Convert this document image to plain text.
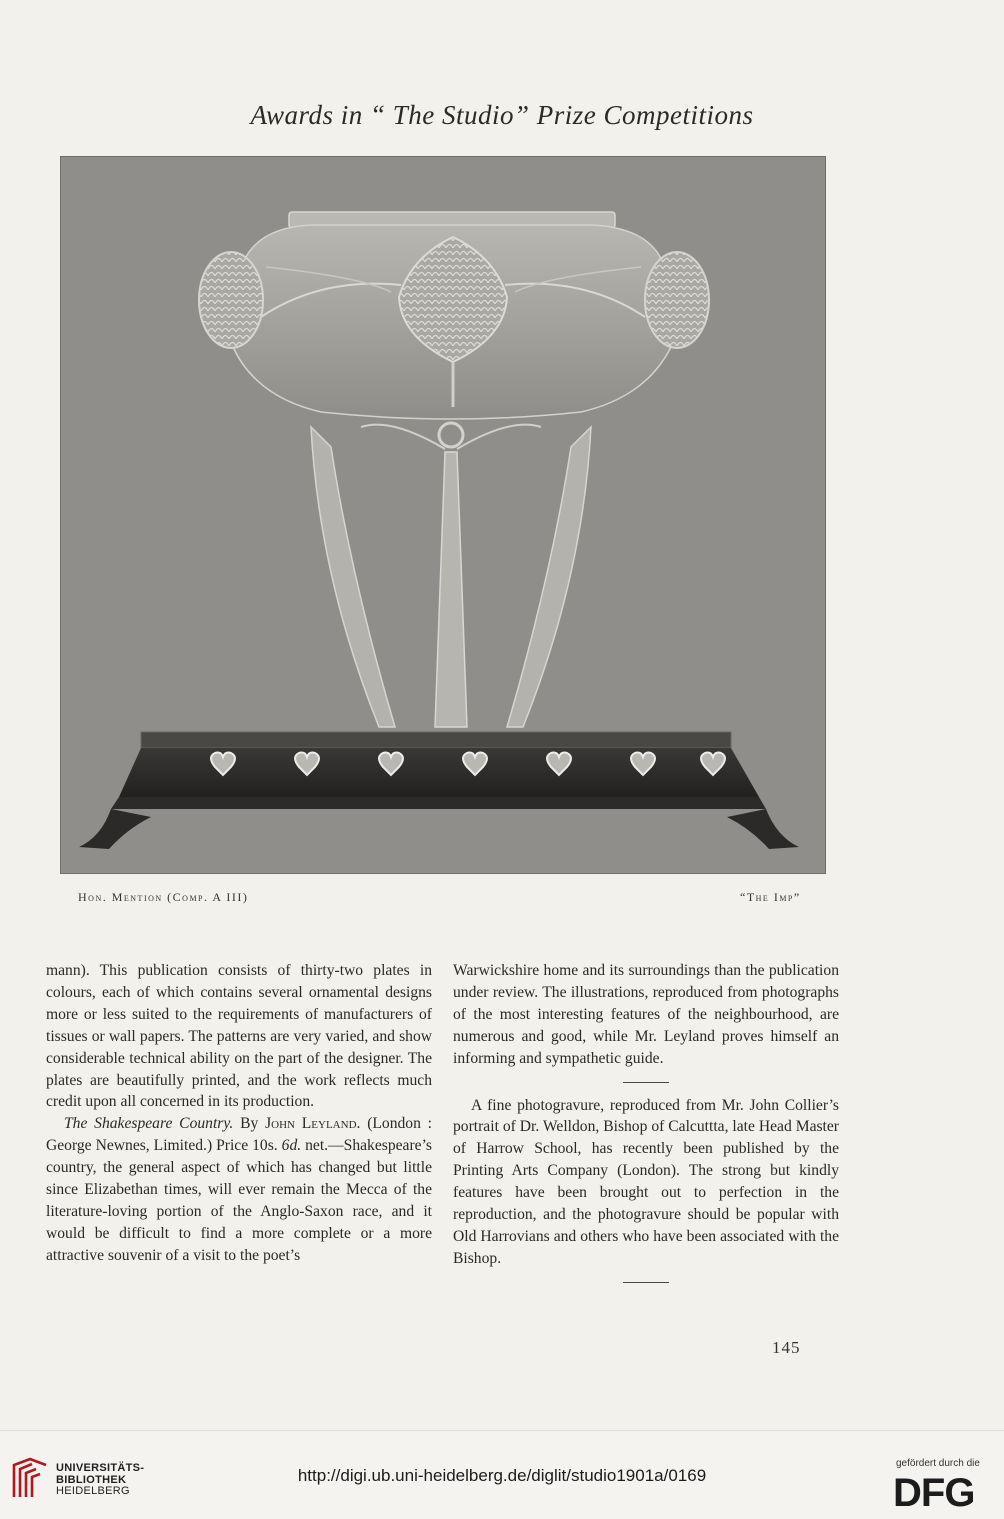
Awards in “ The Studio” Prize Competitions
Hon. Mention (Comp. A III)	“The Imp”

mann). This publication consists of thirty-two plates in colours, each of which contains several ornamental designs more or less suited to the requirements of manufacturers of tissues or wall papers. The patterns are very varied, and show considerable technical ability on the part of the designer. The plates are beautifully printed, and the work reflects much credit upon all concerned in its production.

The Shakespeare Country. By John Leyland. (London : George Newnes, Limited.) Price 10s. 6d. net.—Shakespeare’s country, the general aspect of which has changed but little since Elizabethan times, will ever remain the Mecca of the literature-loving portion of the Anglo-Saxon race, and it would be difficult to find a more complete or a more attractive souvenir of a visit to the poet’s

Warwickshire home and its surroundings than the publication under review. The illustrations, reproduced from photographs of the most interesting features of the neighbourhood, are numerous and good, while Mr. Leyland proves himself an informing and sympathetic guide.

A fine photogravure, reproduced from Mr. John Collier’s portrait of Dr. Welldon, Bishop of Calcuttta, late Head Master of Harrow School, has recently been published by the Printing Arts Company (London). The strong but kindly features have been brought out to perfection in the reproduction, and the photogravure should be popular with Old Harrovians and others who have been associated with the Bishop.

145
UNIVERSITÄTS-
BIBLIOTHEK
HEIDELBERG
http://digi.ub.uni-heidelberg.de/diglit/studio1901a/0169
gefördert durch die
DFG
